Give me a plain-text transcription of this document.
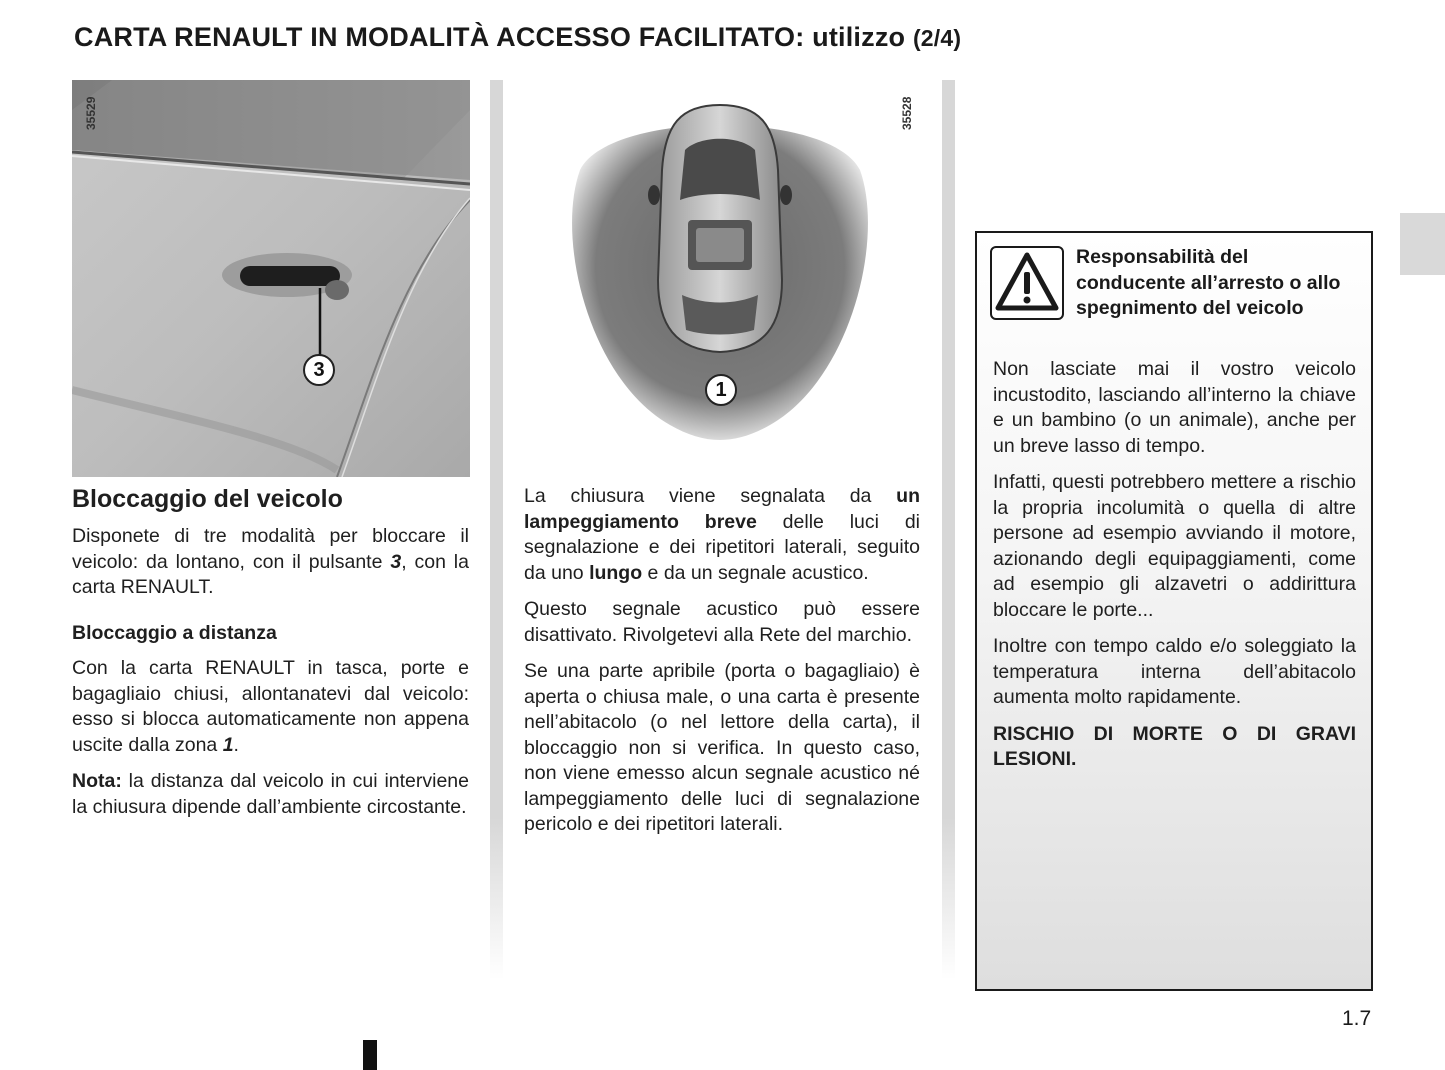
CARTA RENAULT IN MODALITÀ ACCESSO FACILITATO: utilizzo (2/4)
35529
3
35528
1
Bloccaggio del veicolo

Disponete di tre modalità per bloccare il veicolo: da lontano, con il pulsante 3, con la carta RENAULT.

Bloccaggio a distanza

Con la carta RENAULT in tasca, porte e bagagliaio chiusi, allontanatevi dal veicolo: esso si blocca automaticamente non appena uscite dalla zona 1.

Nota: la distanza dal veicolo in cui interviene la chiusura dipende dall’ambiente circostante.

La chiusura viene segnalata da un lampeggiamento breve delle luci di segnalazione e dei ripetitori laterali, seguito da uno lungo e da un segnale acustico.

Questo segnale acustico può essere disattivato. Rivolgetevi alla Rete del marchio.

Se una parte apribile (porta o bagagliaio) è aperta o chiusa male, o una carta è presente nell’abitacolo (o nel lettore della carta), il bloccaggio non si verifica. In questo caso, non viene emesso alcun segnale acustico né lampeggiamento delle luci di segnalazione pericolo e dei ripetitori laterali.

Responsabilità del conducente all’arresto o allo spegnimento del veicolo

Non lasciate mai il vostro veicolo incustodito, lasciando all’interno la chiave e un bambino (o un animale), anche per un breve lasso di tempo.

Infatti, questi potrebbero mettere a rischio la propria incolumità o quella di altre persone ad esempio avviando il motore, azionando degli equipaggiamenti, come ad esempio gli alzavetri o addirittura bloccare le porte...

Inoltre con tempo caldo e/o soleggiato la temperatura interna dell’abitacolo aumenta molto rapidamente.

RISCHIO DI MORTE O DI GRAVI LESIONI.

1.7
